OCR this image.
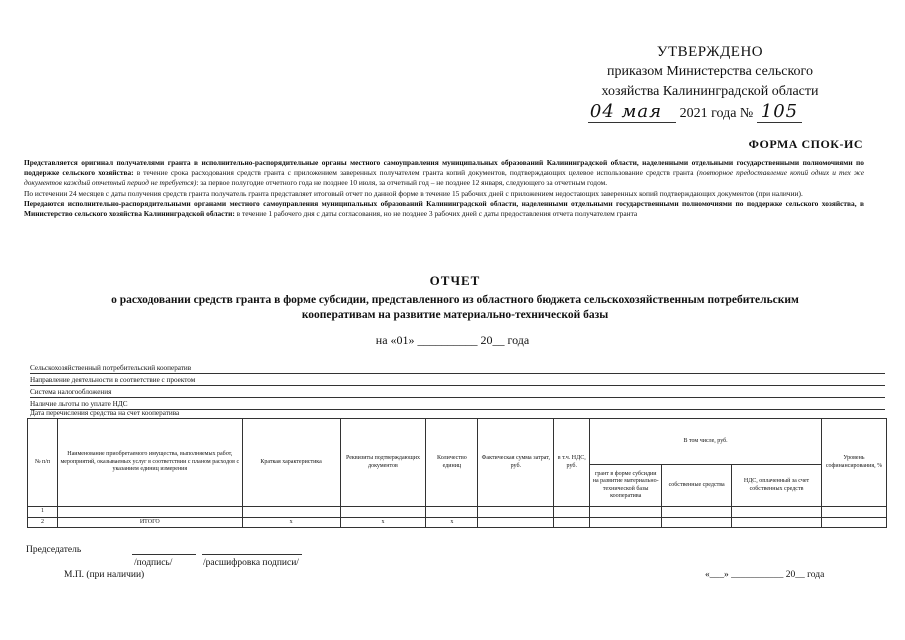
УТВЕРЖДЕНО
приказом Министерства сельского
хозяйства Калининградской области
04 мая 2021 года № 105
ФОРМА СПОК-ИС

Представляется оригинал получателями гранта в исполнительно-распорядительные органы местного самоуправления муниципальных образований Калининградской области, наделенными отдельными государственными полномочиями по поддержке сельского хозяйства: в течение срока расходования средств гранта с приложением заверенных получателем гранта копий документов, подтверждающих целевое использование средств гранта (повторное предоставление копий одних и тех же документов каждый отчетный период не требуется): за первое полугодие отчетного года не позднее 10 июля, за отчетный год – не позднее 12 января, следующего за отчетным годом.

По истечении 24 месяцев с даты получения средств гранта получатель гранта представляет итоговый отчет по данной форме в течение 15 рабочих дней с приложением недостающих заверенных копий подтверждающих документов (при наличии).

Передаются исполнительно-распорядительными органами местного самоуправления муниципальных образований Калининградской области, наделенными отдельными государственными полномочиями по поддержке сельского хозяйства, в Министерство сельского хозяйства Калининградской области: в течение 1 рабочего дня с даты согласования, но не позднее 3 рабочих дней с даты предоставления отчета получателем гранта

ОТЧЕТ
о расходовании средств гранта в форме субсидии, представленного из областного бюджета сельскохозяйственным потребительским
кооперативам на развитие материально-технической базы
на «01» __________ 20__ года
Сельскохозяйственный потребительский кооператив
Направление деятельности в соответствие с проектом
Система налогообложения
Наличие льготы по уплате НДС
Дата перечисления средства на счет кооператива
№ п/п	Наименование приобретаемого имущества, выполняемых работ, мероприятий, оказываемых услуг в соответствии с планом расходов с указанием единиц измерения	Краткая характеристика	Реквизиты подтверждающих документов	Количество единиц	Фактическая сумма затрат, руб.	в т.ч. НДС, руб.	В том числе, руб.			Уровень софинансирования, %
							грант в форме субсидии на развитие материально-технической базы кооператива	собственные средства	НДС, оплаченный за счет собственных средств	
1										
2	ИТОГО	x	x	x						
Председатель
/подпись/	/расшифровка подписи/
М.П. (при наличии)	«___» ___________ 20__ года
